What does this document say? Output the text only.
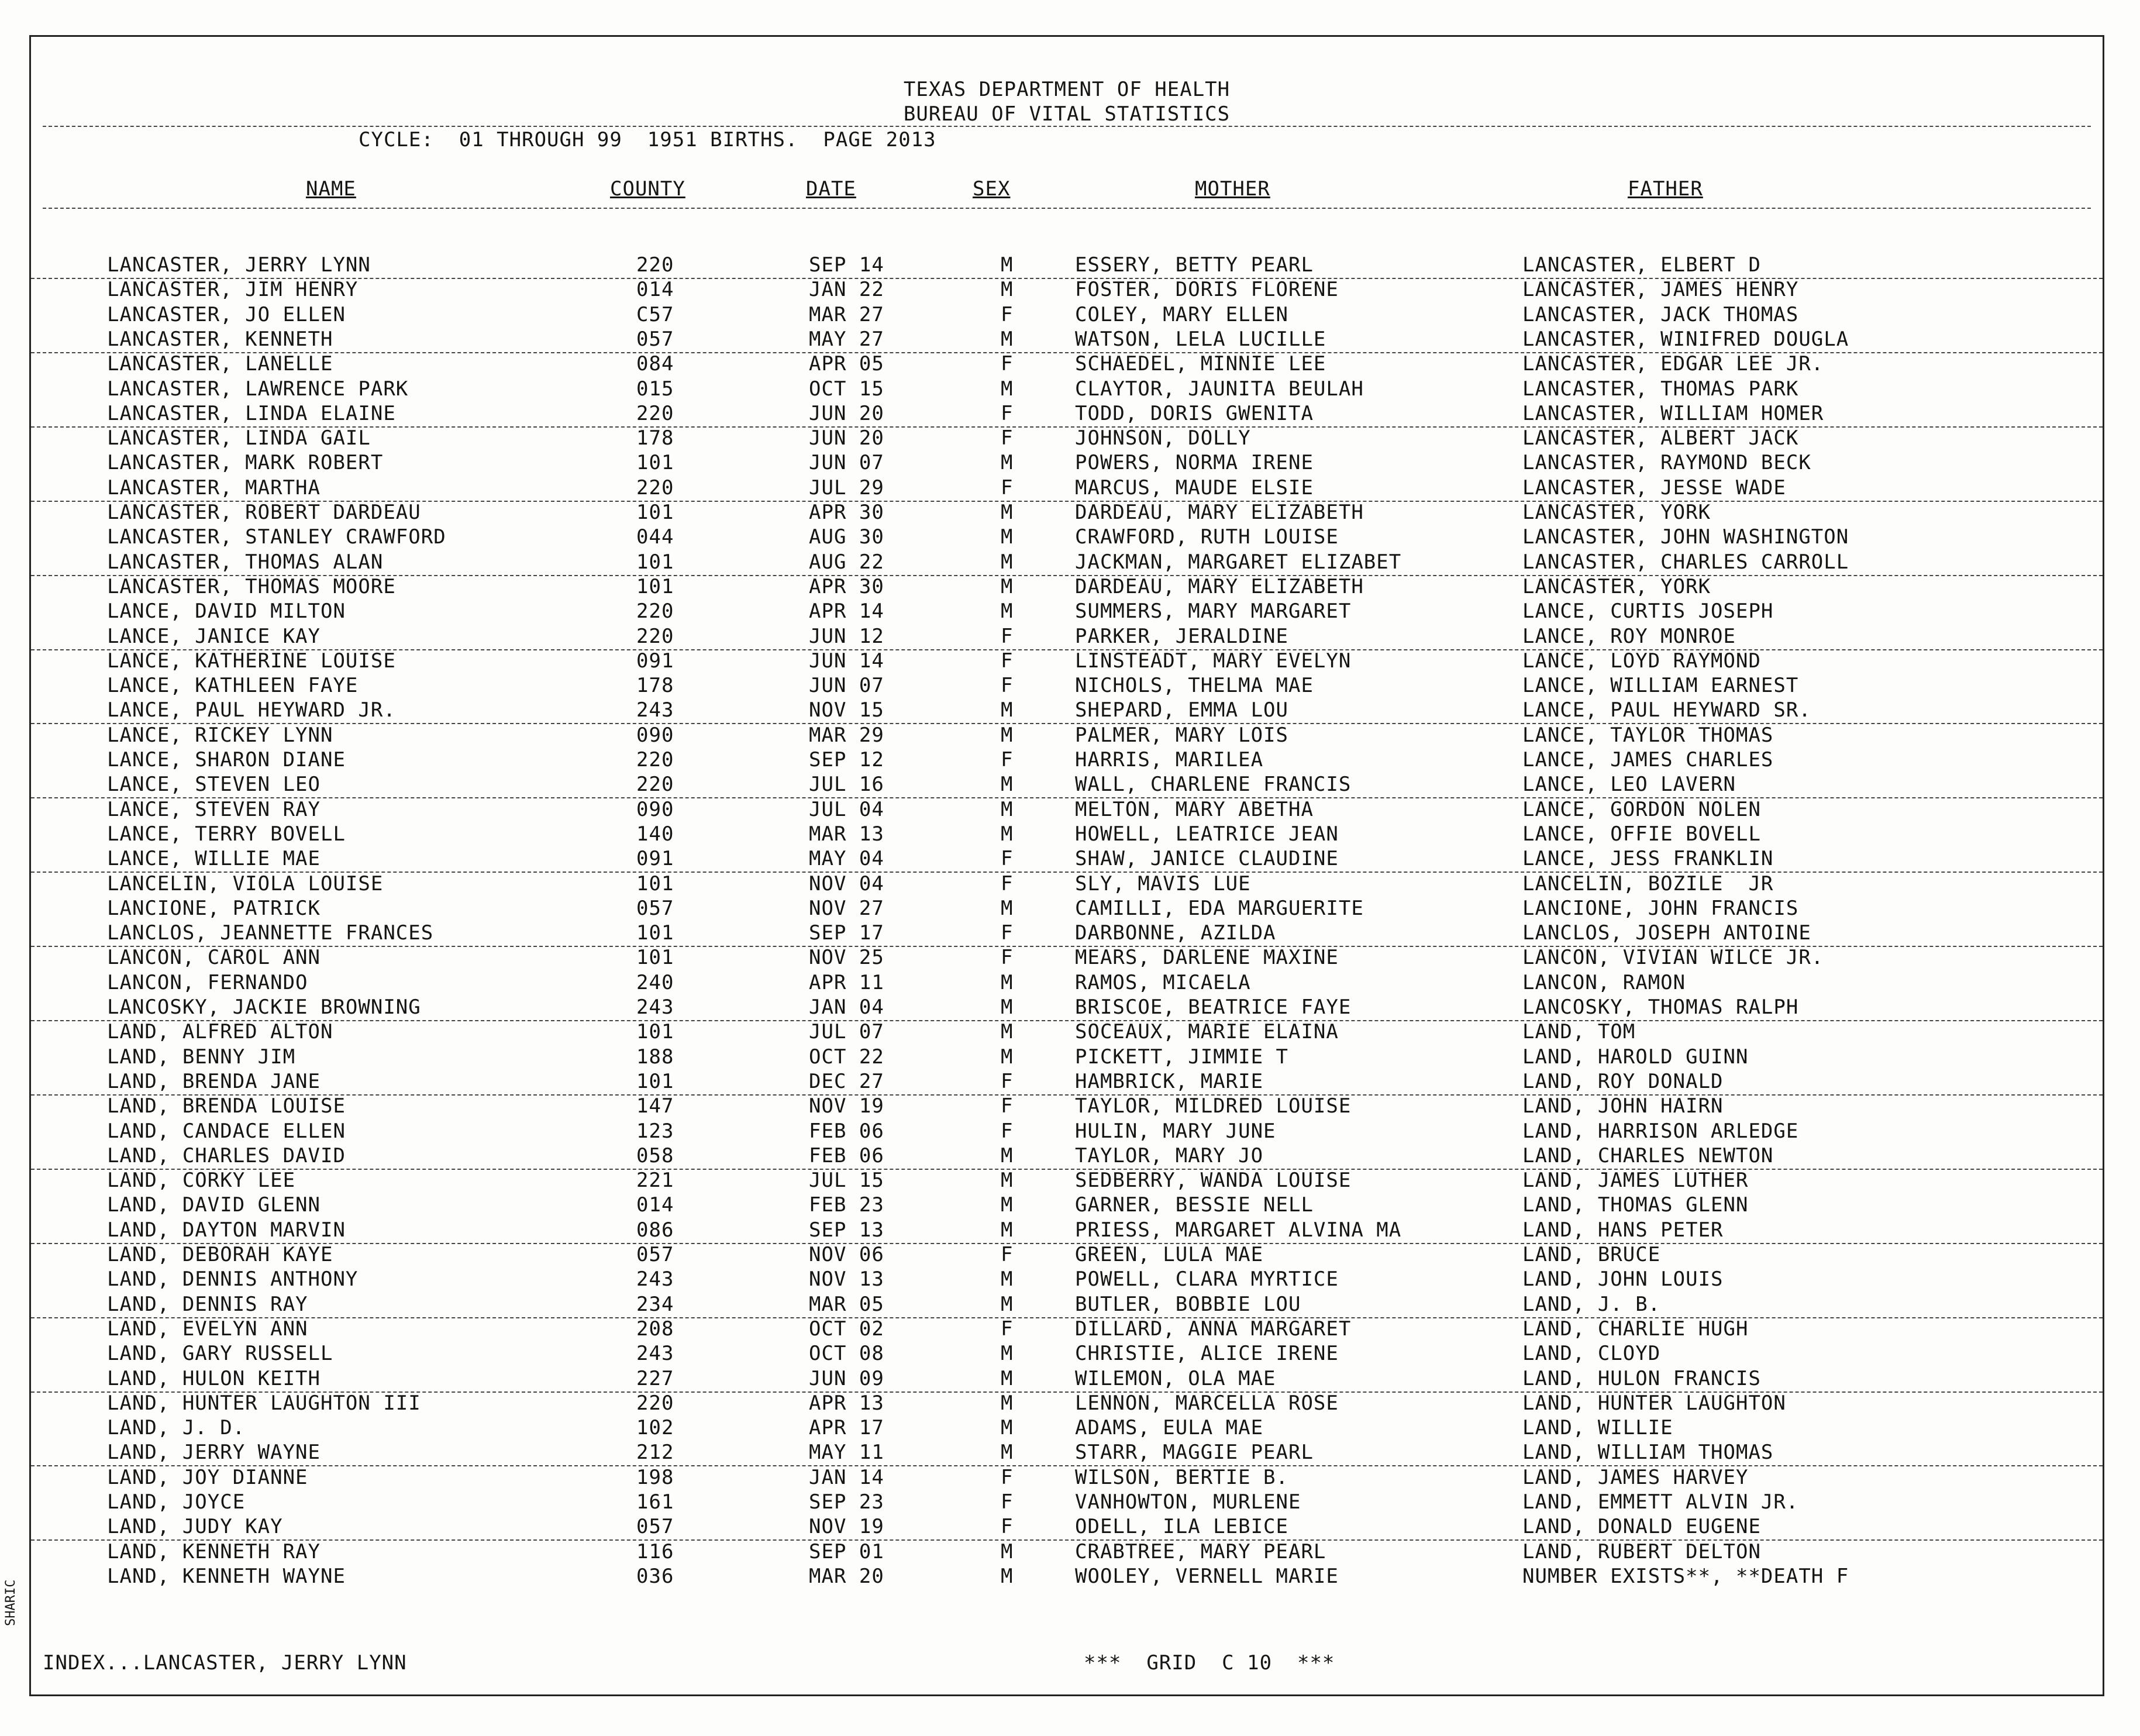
SHARIC
TEXAS DEPARTMENT OF HEALTH
BUREAU OF VITAL STATISTICS
CYCLE:  01 THROUGH 99  1951 BIRTHS.  PAGE 2013
NAME	COUNTY	DATE	SEX	MOTHER	FATHER
LANCASTER, JERRY LYNN	220	SEP 14	M	ESSERY, BETTY PEARL	LANCASTER, ELBERT D
LANCASTER, JIM HENRY	014	JAN 22	M	FOSTER, DORIS FLORENE	LANCASTER, JAMES HENRY
LANCASTER, JO ELLEN	C57	MAR 27	F	COLEY, MARY ELLEN	LANCASTER, JACK THOMAS
LANCASTER, KENNETH	057	MAY 27	M	WATSON, LELA LUCILLE	LANCASTER, WINIFRED DOUGLA
LANCASTER, LANELLE	084	APR 05	F	SCHAEDEL, MINNIE LEE	LANCASTER, EDGAR LEE JR.
LANCASTER, LAWRENCE PARK	015	OCT 15	M	CLAYTOR, JAUNITA BEULAH	LANCASTER, THOMAS PARK
LANCASTER, LINDA ELAINE	220	JUN 20	F	TODD, DORIS GWENITA	LANCASTER, WILLIAM HOMER
LANCASTER, LINDA GAIL	178	JUN 20	F	JOHNSON, DOLLY	LANCASTER, ALBERT JACK
LANCASTER, MARK ROBERT	101	JUN 07	M	POWERS, NORMA IRENE	LANCASTER, RAYMOND BECK
LANCASTER, MARTHA	220	JUL 29	F	MARCUS, MAUDE ELSIE	LANCASTER, JESSE WADE
LANCASTER, ROBERT DARDEAU	101	APR 30	M	DARDEAU, MARY ELIZABETH	LANCASTER, YORK
LANCASTER, STANLEY CRAWFORD	044	AUG 30	M	CRAWFORD, RUTH LOUISE	LANCASTER, JOHN WASHINGTON
LANCASTER, THOMAS ALAN	101	AUG 22	M	JACKMAN, MARGARET ELIZABET	LANCASTER, CHARLES CARROLL
LANCASTER, THOMAS MOORE	101	APR 30	M	DARDEAU, MARY ELIZABETH	LANCASTER, YORK
LANCE, DAVID MILTON	220	APR 14	M	SUMMERS, MARY MARGARET	LANCE, CURTIS JOSEPH
LANCE, JANICE KAY	220	JUN 12	F	PARKER, JERALDINE	LANCE, ROY MONROE
LANCE, KATHERINE LOUISE	091	JUN 14	F	LINSTEADT, MARY EVELYN	LANCE, LOYD RAYMOND
LANCE, KATHLEEN FAYE	178	JUN 07	F	NICHOLS, THELMA MAE	LANCE, WILLIAM EARNEST
LANCE, PAUL HEYWARD JR.	243	NOV 15	M	SHEPARD, EMMA LOU	LANCE, PAUL HEYWARD SR.
LANCE, RICKEY LYNN	090	MAR 29	M	PALMER, MARY LOIS	LANCE, TAYLOR THOMAS
LANCE, SHARON DIANE	220	SEP 12	F	HARRIS, MARILEA	LANCE, JAMES CHARLES
LANCE, STEVEN LEO	220	JUL 16	M	WALL, CHARLENE FRANCIS	LANCE, LEO LAVERN
LANCE, STEVEN RAY	090	JUL 04	M	MELTON, MARY ABETHA	LANCE, GORDON NOLEN
LANCE, TERRY BOVELL	140	MAR 13	M	HOWELL, LEATRICE JEAN	LANCE, OFFIE BOVELL
LANCE, WILLIE MAE	091	MAY 04	F	SHAW, JANICE CLAUDINE	LANCE, JESS FRANKLIN
LANCELIN, VIOLA LOUISE	101	NOV 04	F	SLY, MAVIS LUE	LANCELIN, BOZILE  JR
LANCIONE, PATRICK	057	NOV 27	M	CAMILLI, EDA MARGUERITE	LANCIONE, JOHN FRANCIS
LANCLOS, JEANNETTE FRANCES	101	SEP 17	F	DARBONNE, AZILDA	LANCLOS, JOSEPH ANTOINE
LANCON, CAROL ANN	101	NOV 25	F	MEARS, DARLENE MAXINE	LANCON, VIVIAN WILCE JR.
LANCON, FERNANDO	240	APR 11	M	RAMOS, MICAELA	LANCON, RAMON
LANCOSKY, JACKIE BROWNING	243	JAN 04	M	BRISCOE, BEATRICE FAYE	LANCOSKY, THOMAS RALPH
LAND, ALFRED ALTON	101	JUL 07	M	SOCEAUX, MARIE ELAINA	LAND, TOM
LAND, BENNY JIM	188	OCT 22	M	PICKETT, JIMMIE T	LAND, HAROLD GUINN
LAND, BRENDA JANE	101	DEC 27	F	HAMBRICK, MARIE	LAND, ROY DONALD
LAND, BRENDA LOUISE	147	NOV 19	F	TAYLOR, MILDRED LOUISE	LAND, JOHN HAIRN
LAND, CANDACE ELLEN	123	FEB 06	F	HULIN, MARY JUNE	LAND, HARRISON ARLEDGE
LAND, CHARLES DAVID	058	FEB 06	M	TAYLOR, MARY JO	LAND, CHARLES NEWTON
LAND, CORKY LEE	221	JUL 15	M	SEDBERRY, WANDA LOUISE	LAND, JAMES LUTHER
LAND, DAVID GLENN	014	FEB 23	M	GARNER, BESSIE NELL	LAND, THOMAS GLENN
LAND, DAYTON MARVIN	086	SEP 13	M	PRIESS, MARGARET ALVINA MA	LAND, HANS PETER
LAND, DEBORAH KAYE	057	NOV 06	F	GREEN, LULA MAE	LAND, BRUCE
LAND, DENNIS ANTHONY	243	NOV 13	M	POWELL, CLARA MYRTICE	LAND, JOHN LOUIS
LAND, DENNIS RAY	234	MAR 05	M	BUTLER, BOBBIE LOU	LAND, J. B.
LAND, EVELYN ANN	208	OCT 02	F	DILLARD, ANNA MARGARET	LAND, CHARLIE HUGH
LAND, GARY RUSSELL	243	OCT 08	M	CHRISTIE, ALICE IRENE	LAND, CLOYD
LAND, HULON KEITH	227	JUN 09	M	WILEMON, OLA MAE	LAND, HULON FRANCIS
LAND, HUNTER LAUGHTON III	220	APR 13	M	LENNON, MARCELLA ROSE	LAND, HUNTER LAUGHTON
LAND, J. D.	102	APR 17	M	ADAMS, EULA MAE	LAND, WILLIE
LAND, JERRY WAYNE	212	MAY 11	M	STARR, MAGGIE PEARL	LAND, WILLIAM THOMAS
LAND, JOY DIANNE	198	JAN 14	F	WILSON, BERTIE B.	LAND, JAMES HARVEY
LAND, JOYCE	161	SEP 23	F	VANHOWTON, MURLENE	LAND, EMMETT ALVIN JR.
LAND, JUDY KAY	057	NOV 19	F	ODELL, ILA LEBICE	LAND, DONALD EUGENE
LAND, KENNETH RAY	116	SEP 01	M	CRABTREE, MARY PEARL	LAND, RUBERT DELTON
LAND, KENNETH WAYNE	036	MAR 20	M	WOOLEY, VERNELL MARIE	NUMBER EXISTS**, **DEATH F
INDEX...LANCASTER, JERRY LYNN	***  GRID  C 10  ***
